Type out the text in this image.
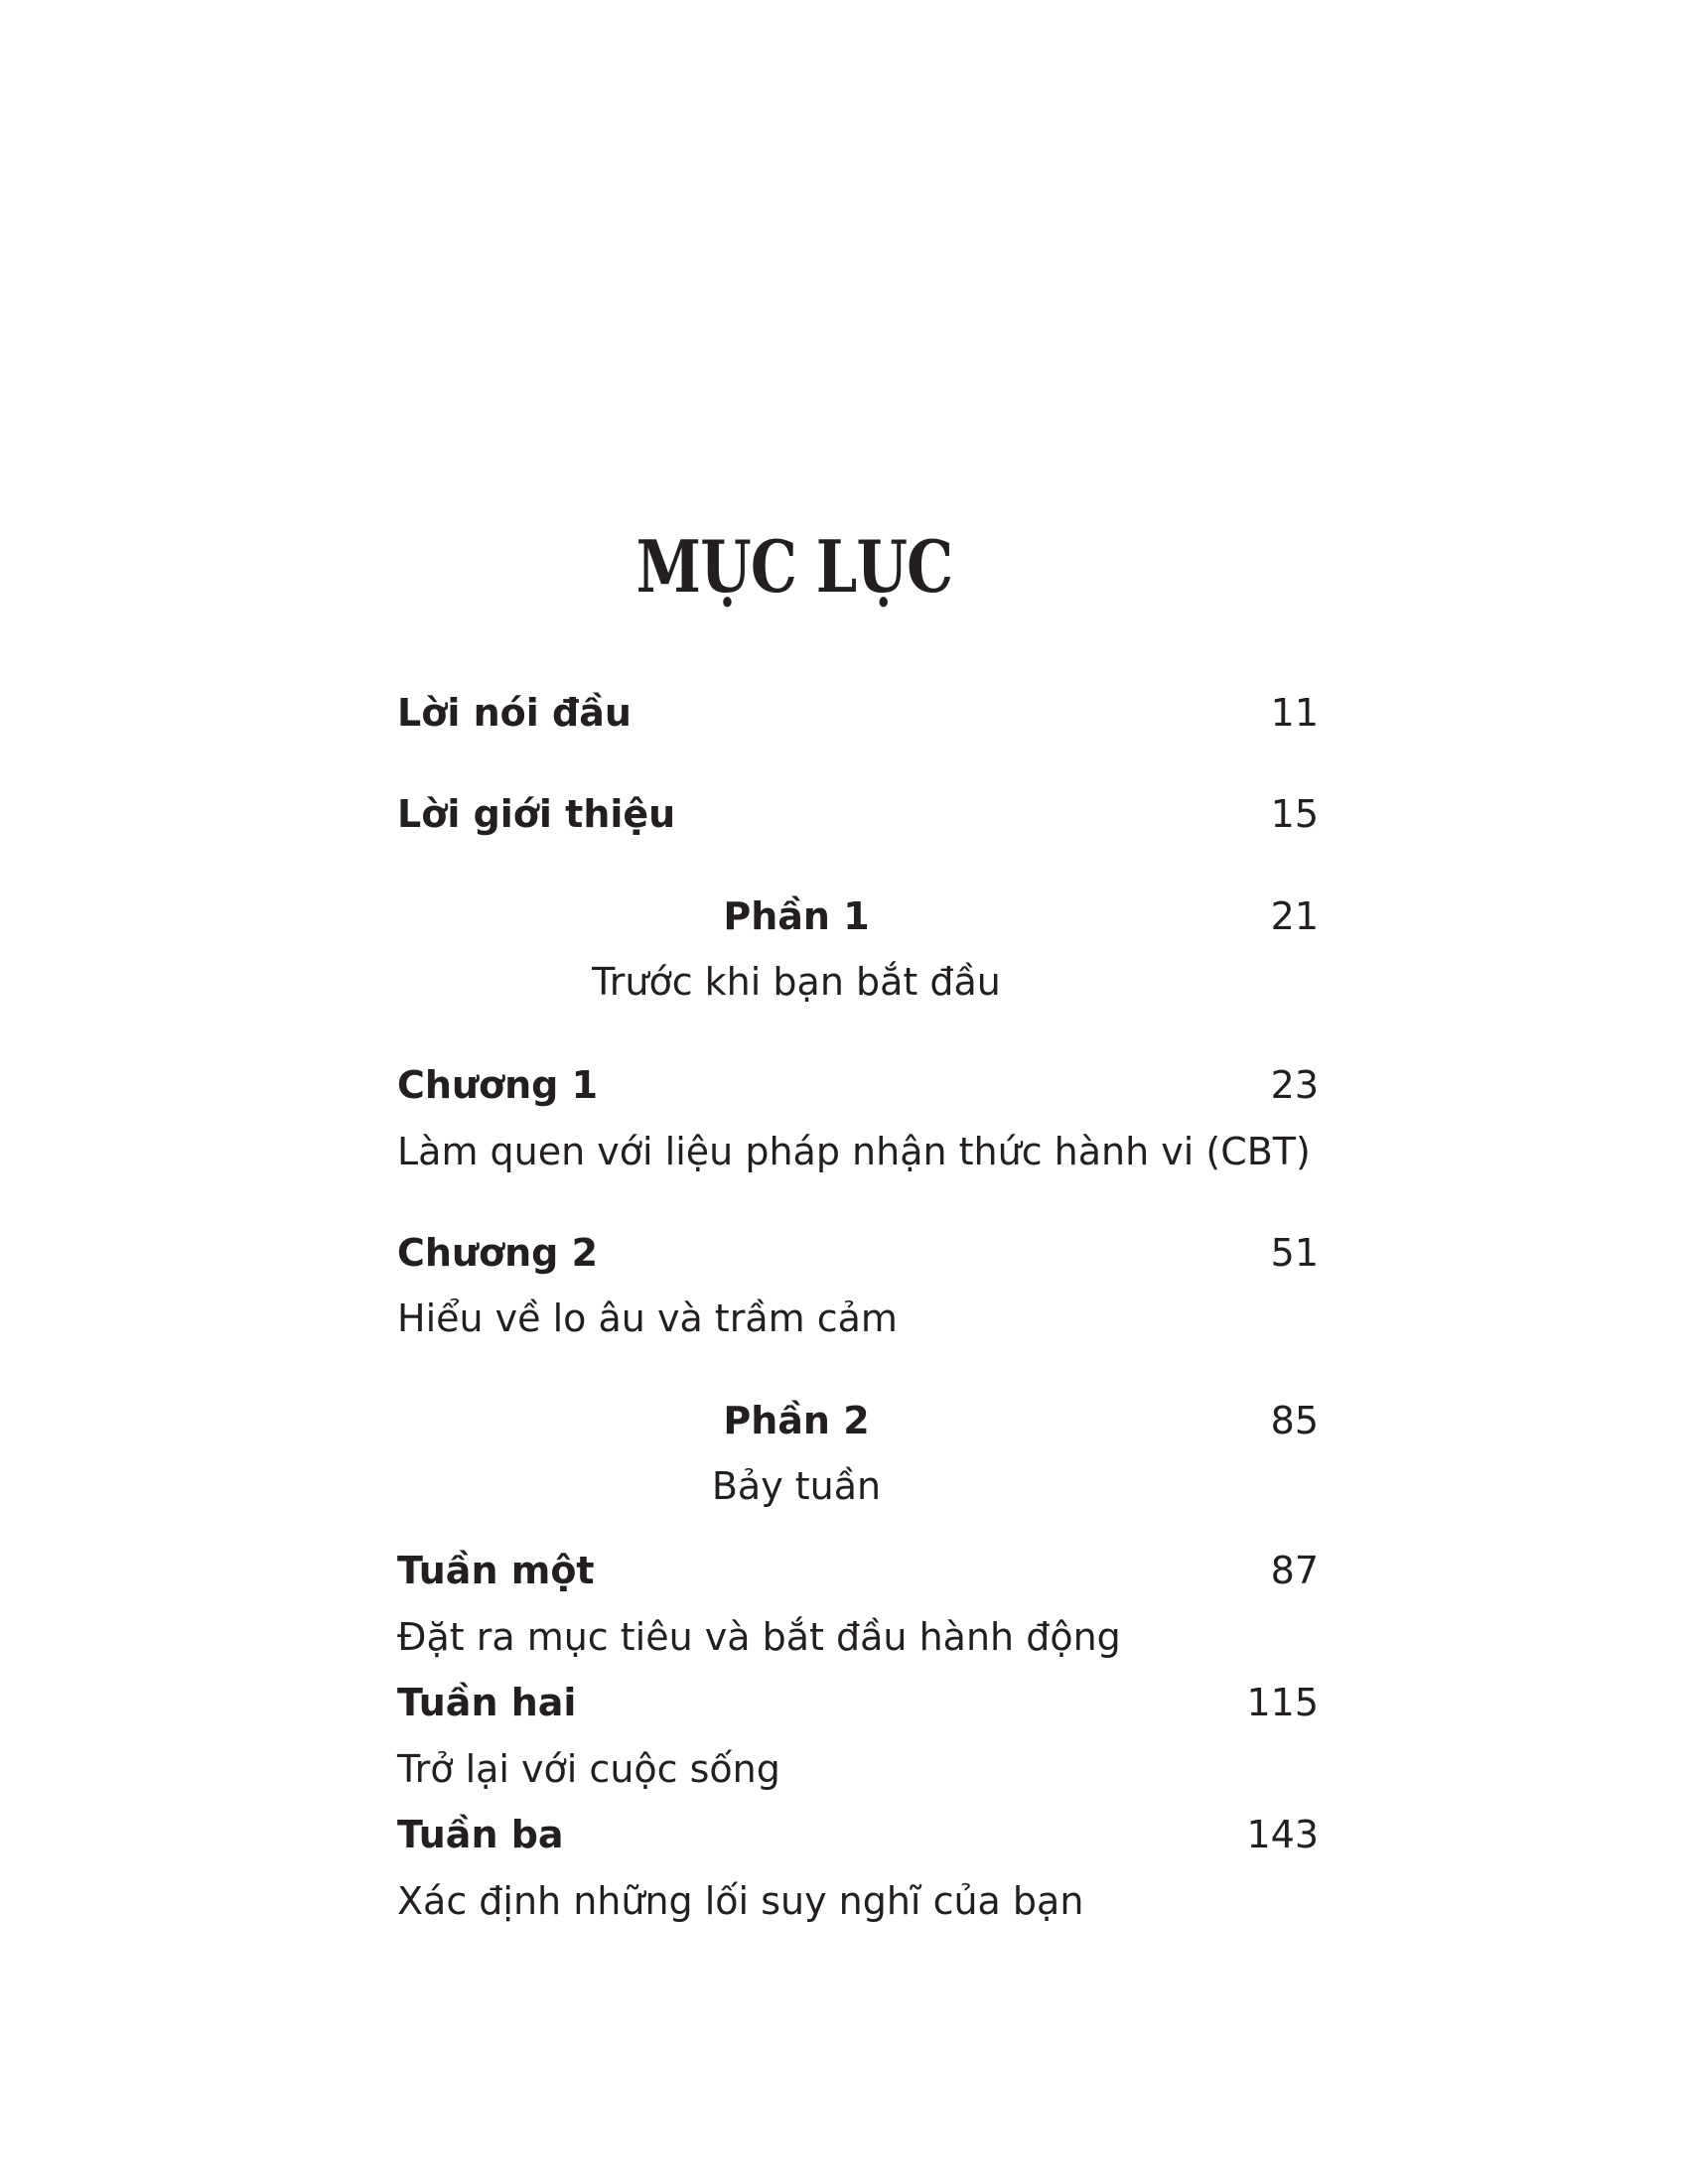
MỤC LỤC
Lời nói đầu	11
Lời giới thiệu	15
Phần 1	21
Trước khi bạn bắt đầu
Chương 1	23
Làm quen với liệu pháp nhận thức hành vi (CBT)
Chương 2	51
Hiểu về lo âu và trầm cảm
Phần 2	85
Bảy tuần
Tuần một	87
Đặt ra mục tiêu và bắt đầu hành động
Tuần hai	115
Trở lại với cuộc sống
Tuần ba	143
Xác định những lối suy nghĩ của bạn
